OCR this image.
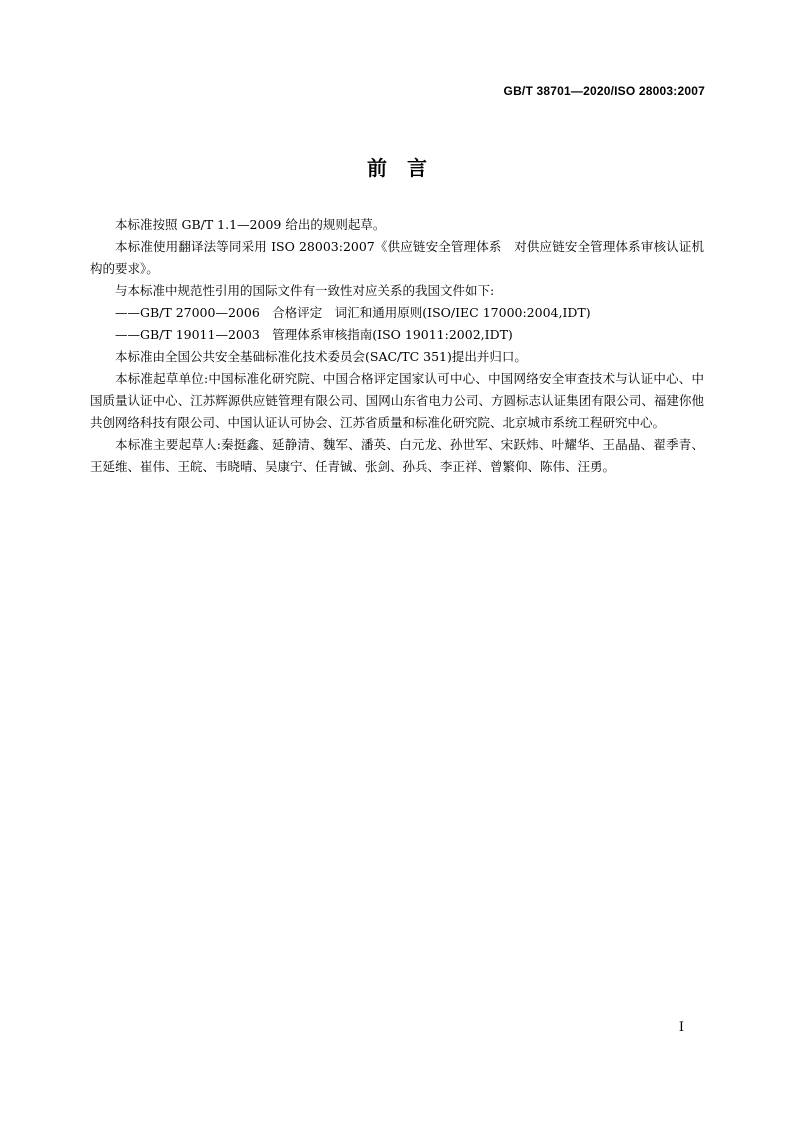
GB/T 38701—2020/ISO 28003:2007
前　言

本标准按照 GB/T 1.1—2009 给出的规则起草。

本标准使用翻译法等同采用 ISO 28003:2007《供应链安全管理体系　对供应链安全管理体系审核认证机构的要求》。

与本标准中规范性引用的国际文件有一致性对应关系的我国文件如下:

——GB/T 27000—2006　合格评定　词汇和通用原则(ISO/IEC 17000:2004,IDT)

——GB/T 19011—2003　管理体系审核指南(ISO 19011:2002,IDT)

本标准由全国公共安全基础标准化技术委员会(SAC/TC 351)提出并归口。

本标准起草单位:中国标准化研究院、中国合格评定国家认可中心、中国网络安全审查技术与认证中心、中国质量认证中心、江苏辉源供应链管理有限公司、国网山东省电力公司、方圆标志认证集团有限公司、福建你他共创网络科技有限公司、中国认证认可协会、江苏省质量和标准化研究院、北京城市系统工程研究中心。

本标准主要起草人:秦挺鑫、延静清、魏军、潘英、白元龙、孙世军、宋跃炜、叶耀华、王晶晶、翟季青、王延维、崔伟、王皖、韦晓晴、吴康宁、任青铖、张剑、孙兵、李正祥、曾繁仰、陈伟、汪勇。

I
